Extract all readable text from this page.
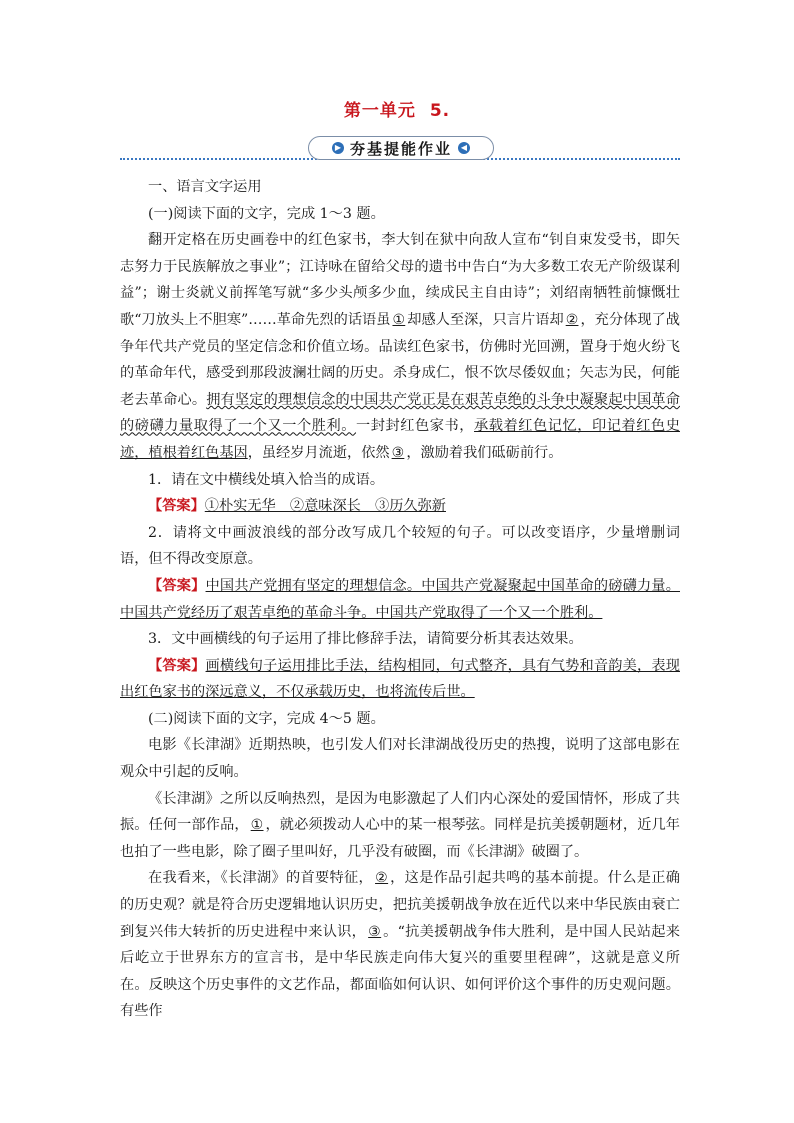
第一单元 5.
▶ 夯基提能作业	◀

一、语言文字运用

(一)阅读下面的文字，完成 1～3 题。

翻开定格在历史画卷中的红色家书，李大钊在狱中向敌人宣布“钊自束发受书，即矢志努力于民族解放之事业”；江诗咏在留给父母的遗书中告白“为大多数工农无产阶级谋利益”；谢士炎就义前挥笔写就“多少头颅多少血，续成民主自由诗”；刘绍南牺牲前慷慨壮歌“刀放头上不胆寒”……革命先烈的话语虽 ① 却感人至深，只言片语却 ② ，充分体现了战争年代共产党员的坚定信念和价值立场。品读红色家书，仿佛时光回溯，置身于炮火纷飞的革命年代，感受到那段波澜壮阔的历史。杀身成仁，恨不饮尽倭奴血；矢志为民，何能老去革命心。拥有坚定的理想信念的中国共产党正是在艰苦卓绝的斗争中凝聚起中国革命的磅礴力量取得了一个又一个胜利。一封封红色家书，承载着红色记忆，印记着红色史迹，植根着红色基因，虽经岁月流逝，依然 ③ ，激励着我们砥砺前行。

1．请在文中横线处填入恰当的成语。

【答案】①朴实无华　②意味深长　③历久弥新

2．请将文中画波浪线的部分改写成几个较短的句子。可以改变语序，少量增删词语，但不得改变原意。

【答案】中国共产党拥有坚定的理想信念。中国共产党凝聚起中国革命的磅礴力量。中国共产党经历了艰苦卓绝的革命斗争。中国共产党取得了一个又一个胜利。

3．文中画横线的句子运用了排比修辞手法，请简要分析其表达效果。

【答案】画横线句子运用排比手法，结构相同，句式整齐，具有气势和音韵美，表现出红色家书的深远意义，不仅承载历史，也将流传后世。

(二)阅读下面的文字，完成 4～5 题。

电影《长津湖》近期热映，也引发人们对长津湖战役历史的热搜，说明了这部电影在观众中引起的反响。

《长津湖》之所以反响热烈，是因为电影激起了人们内心深处的爱国情怀，形成了共振。任何一部作品， ① ，就必须拨动人心中的某一根琴弦。同样是抗美援朝题材，近几年也拍了一些电影，除了圈子里叫好，几乎没有破圈，而《长津湖》破圈了。

在我看来，《长津湖》的首要特征， ② ，这是作品引起共鸣的基本前提。什么是正确的历史观？就是符合历史逻辑地认识历史，把抗美援朝战争放在近代以来中华民族由衰亡到复兴伟大转折的历史进程中来认识， ③ 。“抗美援朝战争伟大胜利，是中国人民站起来后屹立于世界东方的宣言书，是中华民族走向伟大复兴的重要里程碑”，这就是意义所在。反映这个历史事件的文艺作品，都面临如何认识、如何评价这个事件的历史观问题。有些作
